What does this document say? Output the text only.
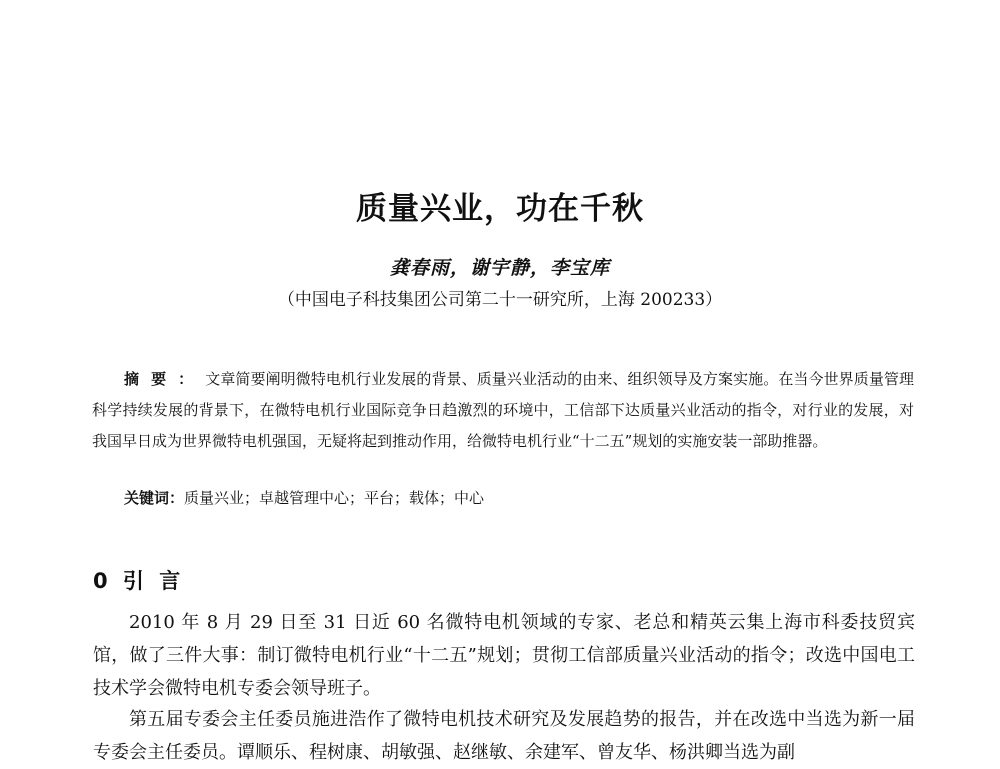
质量兴业，功在千秋
龚春雨，谢宇静，李宝库
（中国电子科技集团公司第二十一研究所，上海 200233）

摘要：文章简要阐明微特电机行业发展的背景、质量兴业活动的由来、组织领导及方案实施。在当今世界质量管理科学持续发展的背景下，在微特电机行业国际竞争日趋激烈的环境中，工信部下达质量兴业活动的指令，对行业的发展，对我国早日成为世界微特电机强国，无疑将起到推动作用，给微特电机行业“十二五”规划的实施安装一部助推器。

关键词：质量兴业；卓越管理中心；平台；载体；中心

0 引 言

2010 年 8 月 29 日至 31 日近 60 名微特电机领域的专家、老总和精英云集上海市科委技贸宾馆，做了三件大事：制订微特电机行业“十二五”规划；贯彻工信部质量兴业活动的指令；改选中国电工技术学会微特电机专委会领导班子。

第五届专委会主任委员施进浩作了微特电机技术研究及发展趋势的报告，并在改选中当选为新一届专委会主任委员。谭顺乐、程树康、胡敏强、赵继敏、余建军、曾友华、杨洪卿当选为副
